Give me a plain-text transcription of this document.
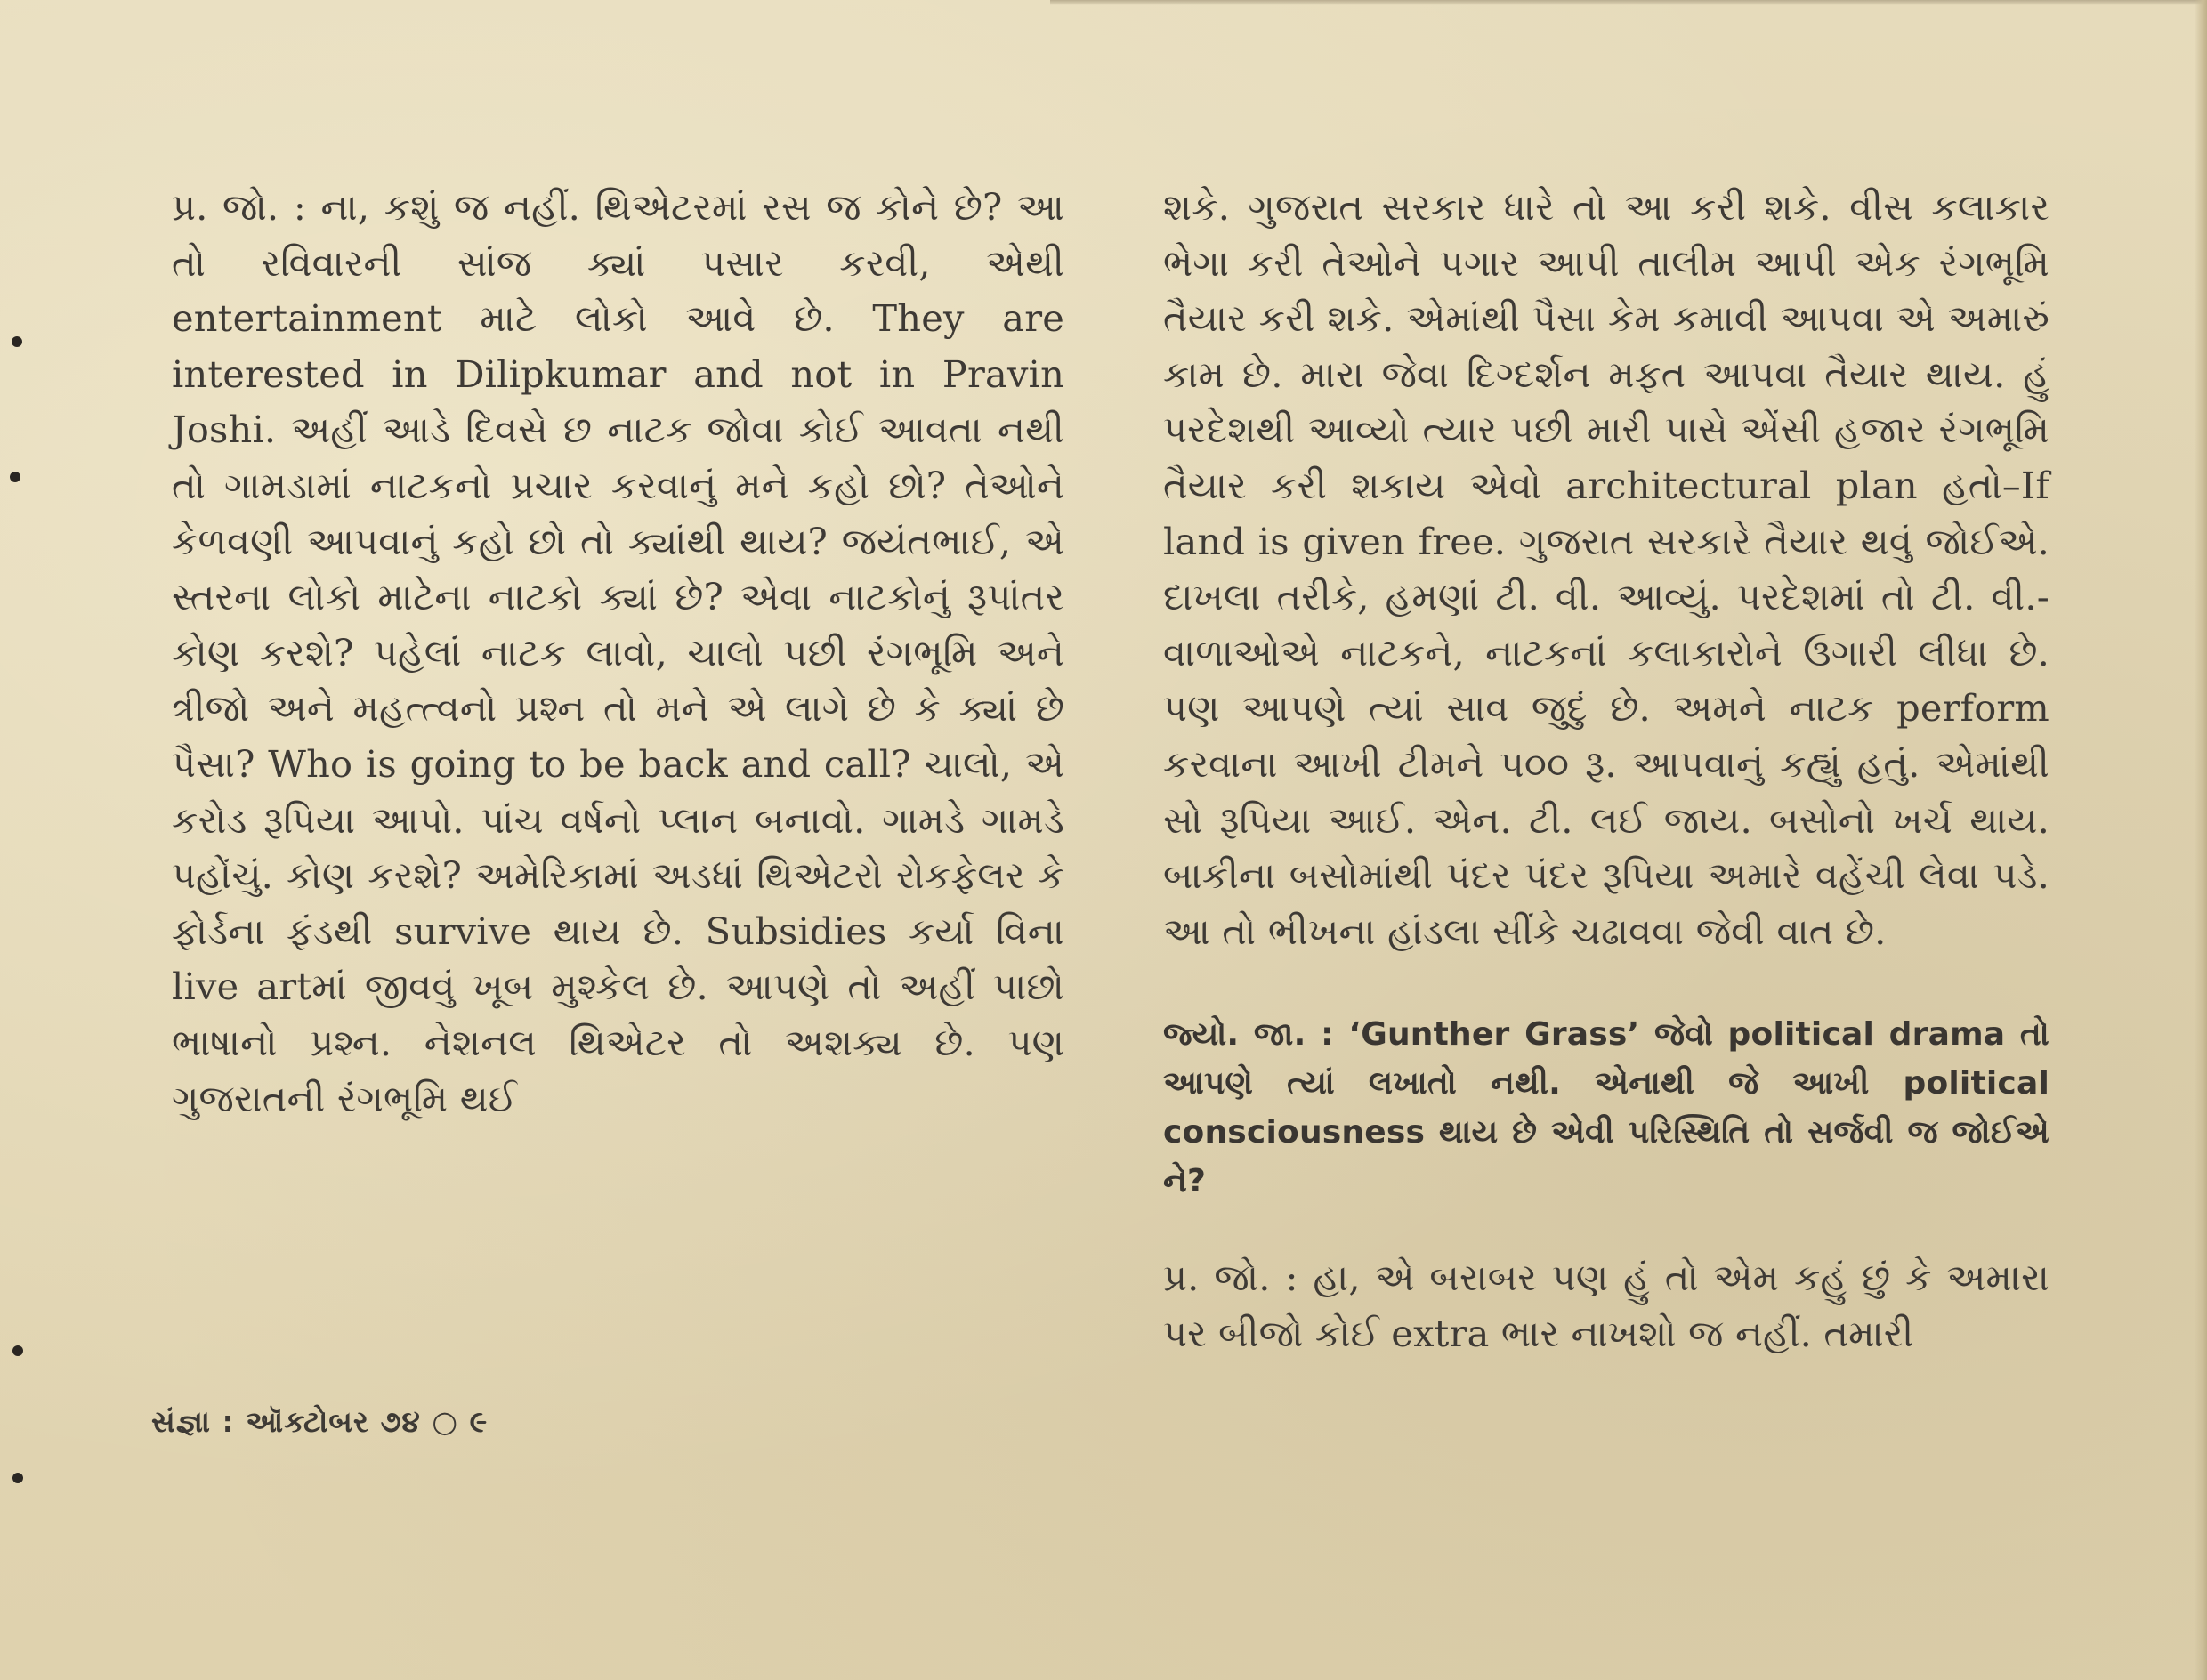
પ્ર. જો. : ના, કશું જ નહીં. થિએટરમાં રસ જ કોને છે? આ તો રવિવારની સાંજ ક્યાં પસાર કરવી, એથી entertainment માટે લોકો આવે છે. They are interested in Dilipkumar and not in Pravin Joshi. અહીં આડે દિવસે છ નાટક જોવા કોઈ આવતા નથી તો ગામડામાં નાટકનો પ્રચાર કરવાનું મને કહો છો? તેઓને કેળવણી આપવાનું કહો છો તો ક્યાંથી થાય? જયંતભાઈ, એ સ્તરના લોકો માટેના નાટકો ક્યાં છે? એવા નાટકોનું રૂપાંતર કોણ કરશે? પહેલાં નાટક લાવો, ચાલો પછી રંગભૂમિ અને ત્રીજો અને મહત્ત્વનો પ્રશ્ન તો મને એ લાગે છે કે ક્યાં છે પૈસા? Who is going to be back and call? ચાલો, એ કરોડ રૂપિયા આપો. પાંચ વર્ષનો પ્લાન બનાવો. ગામડે ગામડે પહોંચું. કોણ કરશે? અમેરિકામાં અડધાં થિએટરો રોકફેલર કે ફોર્ડના ફંડથી survive થાય છે. Subsidies કર્યા વિના live artમાં જીવવું ખૂબ મુશ્કેલ છે. આપણે તો અહીં પાછો ભાષાનો પ્રશ્ન. નેશનલ થિએટર તો અશક્ય છે. પણ ગુજરાતની રંગભૂમિ થઈ

શકે. ગુજરાત સરકાર ધારે તો આ કરી શકે. વીસ કલાકાર ભેગા કરી તેઓને પગાર આપી તાલીમ આપી એક રંગભૂમિ તૈયાર કરી શકે. એમાંથી પૈસા કેમ કમાવી આપવા એ અમારું કામ છે. મારા જેવા દિગ્દર્શન મફત આપવા તૈયાર થાય. હું પરદેશથી આવ્યો ત્યાર પછી મારી પાસે એંસી હજાર રંગભૂમિ તૈયાર કરી શકાય એવો architectural plan હતો–If land is given free. ગુજરાત સરકારે તૈયાર થવું જોઈએ. દાખલા તરીકે, હમણાં ટી. વી. આવ્યું. પરદેશમાં તો ટી. વી.-વાળાઓએ નાટકને, નાટકનાં કલાકારોને ઉગારી લીધા છે. પણ આપણે ત્યાં સાવ જુદું છે. અમને નાટક perform કરવાના આખી ટીમને ૫૦૦ રૂ. આપવાનું કહ્યું હતું. એમાંથી સો રૂપિયા આઈ. એન. ટી. લઈ જાય. બસોનો ખર્ચ થાય. બાકીના બસોમાંથી પંદર પંદર રૂપિયા અમારે વહેંચી લેવા પડે. આ તો ભીખના હાંડલા સીંકે ચઢાવવા જેવી વાત છે.

જ્યો. જા. : ‘Gunther Grass’ જેવો political drama તો આપણે ત્યાં લખાતો નથી. એનાથી જે આખી political consciousness થાય છે એવી પરિસ્થિતિ તો સર્જવી જ જોઈએ ને?

પ્ર. જો. : હા, એ બરાબર પણ હું તો એમ કહું છું કે અમારા પર બીજો કોઈ extra ભાર નાખશો જ નહીં. તમારી

સંજ્ઞા : ઑક્ટોબર ૭૪ ○ ૯
